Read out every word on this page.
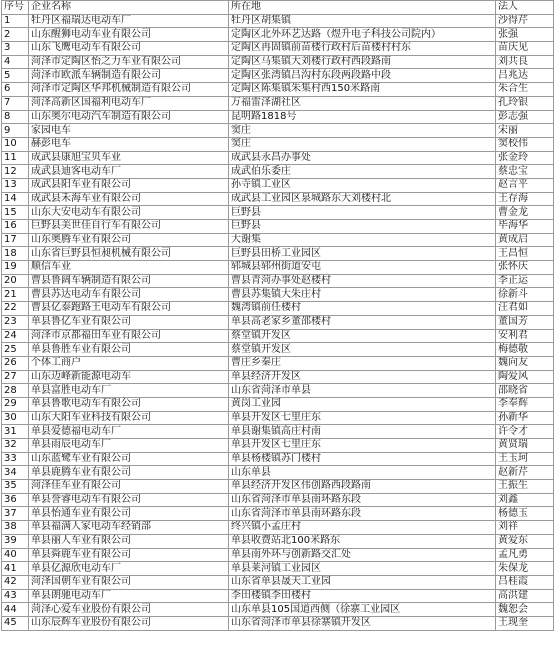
序号	企业名称	所在地	法人
1	牡丹区福瑞达电动车厂	牡丹区胡集镇	沙得芹
2	山东醒狮电动车业有限公司	定陶区北外环艺达路（煜升电子科技公司院内）	张强
3	山东飞鹰电动车有限公司	定陶区冉固镇前苗楼行政村后苗楼村村东	苗庆见
4	菏泽市定陶区怡之力车业有限公司	定陶区马集镇大刘楼行政村西段路南	刘共良
5	菏泽市欧派车辆制造有限公司	定陶区张湾镇吕沟村东段两段路中段	吕兆达
6	菏泽市定陶区华邦机械制造有限公司	定陶区陈集镇朱集村西150米路南	朱合生
7	菏泽高新区国福利电动车厂	万福雷泽湖社区	孔玲银
8	山东奥尔电动汽车制造有限公司	昆明路1818号	彭志强
9	家园电车	窦庄	宋丽
10	赫彭电车	窦庄	窦校伟
11	成武县康旭宝贝车业	成武县永昌办事处	张金玲
12	成武县迪客电动车厂	成武伯乐委庄	蔡忠宝
13	成武县阳车业有限公司	孙寺镇工业区	赵言平
14	成武县禾海车业有限公司	成武县工业园区泉城路东大刘楼村北	王存海
15	山东大安电动车有限公司	巨野县	曹金龙
16	巨野县美世佳自行车有限公司	巨野县	毕海华
17	山东奥腾车业有限公司	大谢集	黄成启
18	山东省巨野县恒昶机械有限公司	巨野县田桥工业园区	王昌恒
19	顺信车业	郓城县郓州街道安屯	张怀庆
20	曹县鲁阔车辆制造有限公司	曹县青菏办事处赵楼村	李正运
21	曹县苏达电动车有限公司	曹县苏集镇大朱庄村	徐新斗
22	曹县亿泰跑路王电动车有限公司	魏湾镇前任楼村	汪君如
23	单县鲁亿车业有限公司	单县高老家乡董邵楼村	董国芳
24	菏泽市京都福田车业有限公司	蔡堂镇开发区	安利君
25	单县鲁胜车业有限公司	蔡堂镇开发区	梅德敬
26	个体工商户	曹庄乡秦庄	魏向友
27	山东迈峰新能源电动车	单县经济开发区	陶爱风
28	单县富胜电动车厂	山东省菏泽市单县	邵晓省
29	单县鲁歌电动车有限公司	黄岗工业园	李奉辉
30	山东大阳车业科技有限公司	单县开发区七里庄东	孙新华
31	单县爱德福电动车厂	单县谢集镇高庄村南	许令才
32	单县雨辰电动车厂	单县开发区七里庄东	黄贤瑞
33	山东蓝鹭车业有限公司	单县杨楼镇苏门楼村	王玉珂
34	单县鹿腾车业有限公司	山东单县	赵新芹
35	菏泽佳车业有限公司	单县经济开发区伟创路西段路南	王振生
36	单县誉睿电动车有限公司	山东省菏泽市单县南环路东段	刘鑫
37	单县怡通车业有限公司	山东省菏泽市单县南环路东段	杨德玉
38	单县福满人家电动车经销部	终兴镇小孟庄村	刘祥
39	单县丽人车业有限公司	单县收费站北100米路东	黄爱东
40	单县舜鹿车业有限公司	单县南外环与创新路交汇处	孟凡勇
41	单县亿源欣电动车厂	单县莱河镇工业园区	朱保龙
42	菏泽国朝车业有限公司	山东省单县晟天工业园	吕桂霞
43	单县朗驰电动车厂	李田楼镇李田楼村	高洪建
44	菏泽心爱车业股份有限公司	山东单县105国道西侧（徐寨工业园区	魏恕会
45	山东辰辉车业股份有限公司	山东省菏泽市单县徐寨镇开发区	王现奎
